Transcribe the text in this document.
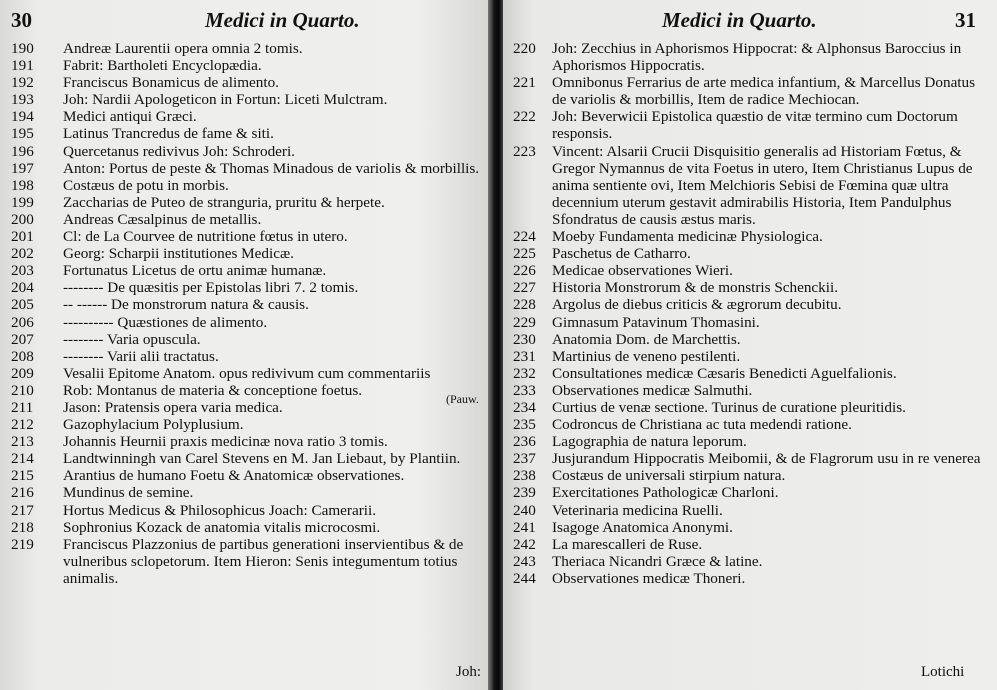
30	Medici in Quarto.
190 Andreæ Laurentii opera omnia 2 tomis.
191 Fabrit: Bartholeti Encyclopædia.
192 Franciscus Bonamicus de alimento.
193 Joh: Nardii Apologeticon in Fortun: Liceti Mulctram.
194 Medici antiqui Græci.
195 Latinus Trancredus de fame & siti.
196 Quercetanus redivivus Joh: Schroderi.
197 Anton: Portus de peste & Thomas Minadous de variolis & morbillis.
198 Costæus de potu in morbis.
199 Zaccharias de Puteo de stranguria, pruritu & herpete.
200 Andreas Cæsalpinus de metallis.
201 Cl: de La Courvee de nutritione fœtus in utero.
202 Georg: Scharpii institutiones Medicæ.
203 Fortunatus Licetus de ortu animæ humanæ.
204 -------- De quæsitis per Epistolas libri 7. 2 tomis.
205 -- ------ De monstrorum natura & causis.
206 ---------- Quæstiones de alimento.
207 -------- Varia opuscula.
208 -------- Varii alii tractatus.
209 Vesalii Epitome Anatom. opus redivivum cum commentariis
210 Rob: Montanus de materia & conceptione foetus.
211 Jason: Pratensis opera varia medica.
212 Gazophylacium Polyplusium.
213 Johannis Heurnii praxis medicinæ nova ratio 3 tomis.
214 Landtwinningh van Carel Stevens en M. Jan Liebaut, by Plantiin.
215 Arantius de humano Foetu & Anatomicæ observationes.
216 Mundinus de semine.
217 Hortus Medicus & Philosophicus Joach: Camerarii.
218 Sophronius Kozack de anatomia vitalis microcosmi.
219 Franciscus Plazzonius de partibus generationi inservientibus & de vulneribus sclopetorum. Item Hieron: Senis integumentum totius animalis.
(Pauw.
Joh:
Medici in Quarto.	31
220 Joh: Zecchius in Aphorismos Hippocrat: & Alphonsus Baroccius in Aphorismos Hippocratis.
221 Omnibonus Ferrarius de arte medica infantium, & Marcellus Donatus de variolis & morbillis, Item de radice Mechiocan.
222 Joh: Beverwicii Epistolica quæstio de vitæ termino cum Doctorum responsis.
223 Vincent: Alsarii Crucii Disquisitio generalis ad Historiam Fœtus, & Gregor Nymannus de vita Foetus in utero, Item Christianus Lupus de anima sentiente ovi, Item Melchioris Sebisi de Fœmina quæ ultra decennium uterum gestavit admirabilis Historia, Item Pandulphus Sfondratus de causis æstus maris.
224 Moeby Fundamenta medicinæ Physiologica.
225 Paschetus de Catharro.
226 Medicae observationes Wieri.
227 Historia Monstrorum & de monstris Schenckii.
228 Argolus de diebus criticis & ægrorum decubitu.
229 Gimnasum Patavinum Thomasini.
230 Anatomia Dom. de Marchettis.
231 Martinius de veneno pestilenti.
232 Consultationes medicæ Cæsaris Benedicti Aguelfalionis.
233 Observationes medicæ Salmuthi.
234 Curtius de venæ sectione. Turinus de curatione pleuritidis.
235 Codroncus de Christiana ac tuta medendi ratione.
236 Lagographia de natura leporum.
237 Jusjurandum Hippocratis Meibomii, & de Flagrorum usu in re venerea
238 Costæus de universali stirpium natura.
239 Exercitationes Pathologicæ Charloni.
240 Veterinaria medicina Ruelli.
241 Isagoge Anatomica Anonymi.
242 La marescalleri de Ruse.
243 Theriaca Nicandri Græce & latine.
244 Observationes medicæ Thoneri.
Lotichi
